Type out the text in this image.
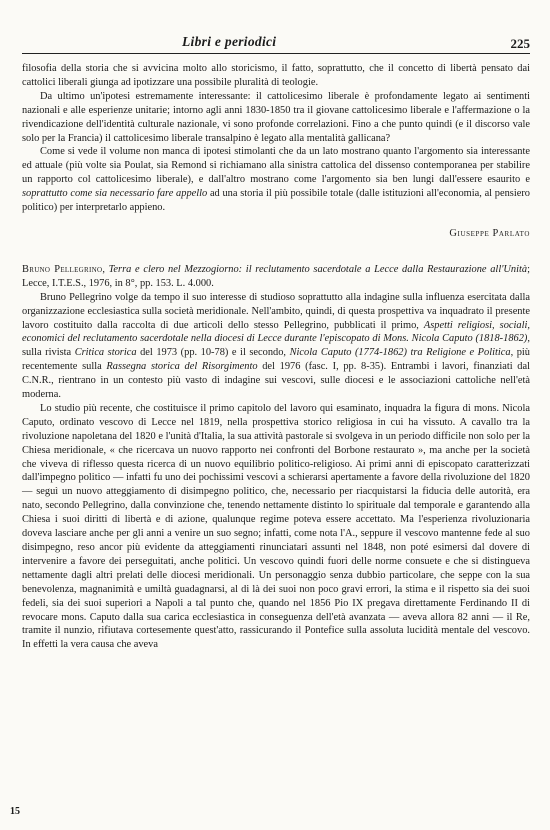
Libri e periodici	225

filosofia della storia che si avvicina molto allo storicismo, il fatto, soprattutto, che il concetto di libertà pensato dai cattolici liberali giunga ad ipotizzare una possibile pluralità di teologie.

Da ultimo un'ipotesi estremamente interessante: il cattolicesimo liberale è profondamente legato ai sentimenti nazionali e alle esperienze unitarie; intorno agli anni 1830-1850 tra il giovane cattolicesimo liberale e l'affermazione o la rivendicazione dell'identità culturale nazionale, vi sono profonde correlazioni. Fino a che punto quindi (e il discorso vale solo per la Francia) il cattolicesimo liberale transalpino è legato alla mentalità gallicana?

Come si vede il volume non manca di ipotesi stimolanti che da un lato mostrano quanto l'argomento sia interessante ed attuale (più volte sia Poulat, sia Remond si richiamano alla sinistra cattolica del dissenso contemporanea per stabilire un rapporto col cattolicesimo liberale), e dall'altro mostrano come l'argomento sia ben lungi dall'essere esaurito e soprattutto come sia necessario fare appello ad una storia il più possibile totale (dalle istituzioni all'economia, al pensiero politico) per interpretarlo appieno.

Giuseppe Parlato

Bruno Pellegrino, Terra e clero nel Mezzogiorno: il reclutamento sacerdotale a Lecce dalla Restaurazione all'Unità; Lecce, I.T.E.S., 1976, in 8°, pp. 153. L. 4.000.

Bruno Pellegrino volge da tempo il suo interesse di studioso soprattutto alla indagine sulla influenza esercitata dalla organizzazione ecclesiastica sulla società meridionale. Nell'ambito, quindi, di questa prospettiva va inquadrato il presente lavoro costituito dalla raccolta di due articoli dello stesso Pellegrino, pubblicati il primo, Aspetti religiosi, sociali, economici del reclutamento sacerdotale nella diocesi di Lecce durante l'episcopato di Mons. Nicola Caputo (1818-1862), sulla rivista Critica storica del 1973 (pp. 10-78) e il secondo, Nicola Caputo (1774-1862) tra Religione e Politica, più recentemente sulla Rassegna storica del Risorgimento del 1976 (fasc. I, pp. 8-35). Entrambi i lavori, finanziati dal C.N.R., rientrano in un contesto più vasto di indagine sui vescovi, sulle diocesi e le associazioni cattoliche nell'età moderna.

Lo studio più recente, che costituisce il primo capitolo del lavoro qui esaminato, inquadra la figura di mons. Nicola Caputo, ordinato vescovo di Lecce nel 1819, nella prospettiva storico religiosa in cui ha vissuto. A cavallo tra la rivoluzione napoletana del 1820 e l'unità d'Italia, la sua attività pastorale si svolgeva in un periodo difficile non solo per la Chiesa meridionale, « che ricercava un nuovo rapporto nei confronti del Borbone restaurato », ma anche per la società che viveva di riflesso questa ricerca di un nuovo equilibrio politico-religioso. Ai primi anni di episcopato caratterizzati dall'impegno politico — infatti fu uno dei pochissimi vescovi a schierarsi apertamente a favore della rivoluzione del 1820 — seguì un nuovo atteggiamento di disimpegno politico, che, necessario per riacquistarsi la fiducia delle autorità, era nato, secondo Pellegrino, dalla convinzione che, tenendo nettamente distinto lo spirituale dal temporale e garantendo alla Chiesa i suoi diritti di libertà e di azione, qualunque regime poteva essere accettato. Ma l'esperienza rivoluzionaria doveva lasciare anche per gli anni a venire un suo segno; infatti, come nota l'A., seppure il vescovo mantenne fede al suo disimpegno, reso ancor più evidente da atteggiamenti rinunciatari assunti nel 1848, non poté esimersi dal dovere di intervenire a favore dei perseguitati, anche politici. Un vescovo quindi fuori delle norme consuete e che si distingueva nettamente dagli altri prelati delle diocesi meridionali. Un personaggio senza dubbio particolare, che seppe con la sua benevolenza, magnanimità e umiltà guadagnarsi, al di là dei suoi non poco gravi errori, la stima e il rispetto sia dei suoi fedeli, sia dei suoi superiori a Napoli a tal punto che, quando nel 1856 Pio IX pregava direttamente Ferdinando II di revocare mons. Caputo dalla sua carica ecclesiastica in conseguenza dell'età avanzata — aveva allora 82 anni — il Re, tramite il nunzio, rifiutava cortesemente quest'atto, rassicurando il Pontefice sulla assoluta lucidità mentale del vescovo. In effetti la vera causa che aveva

15
